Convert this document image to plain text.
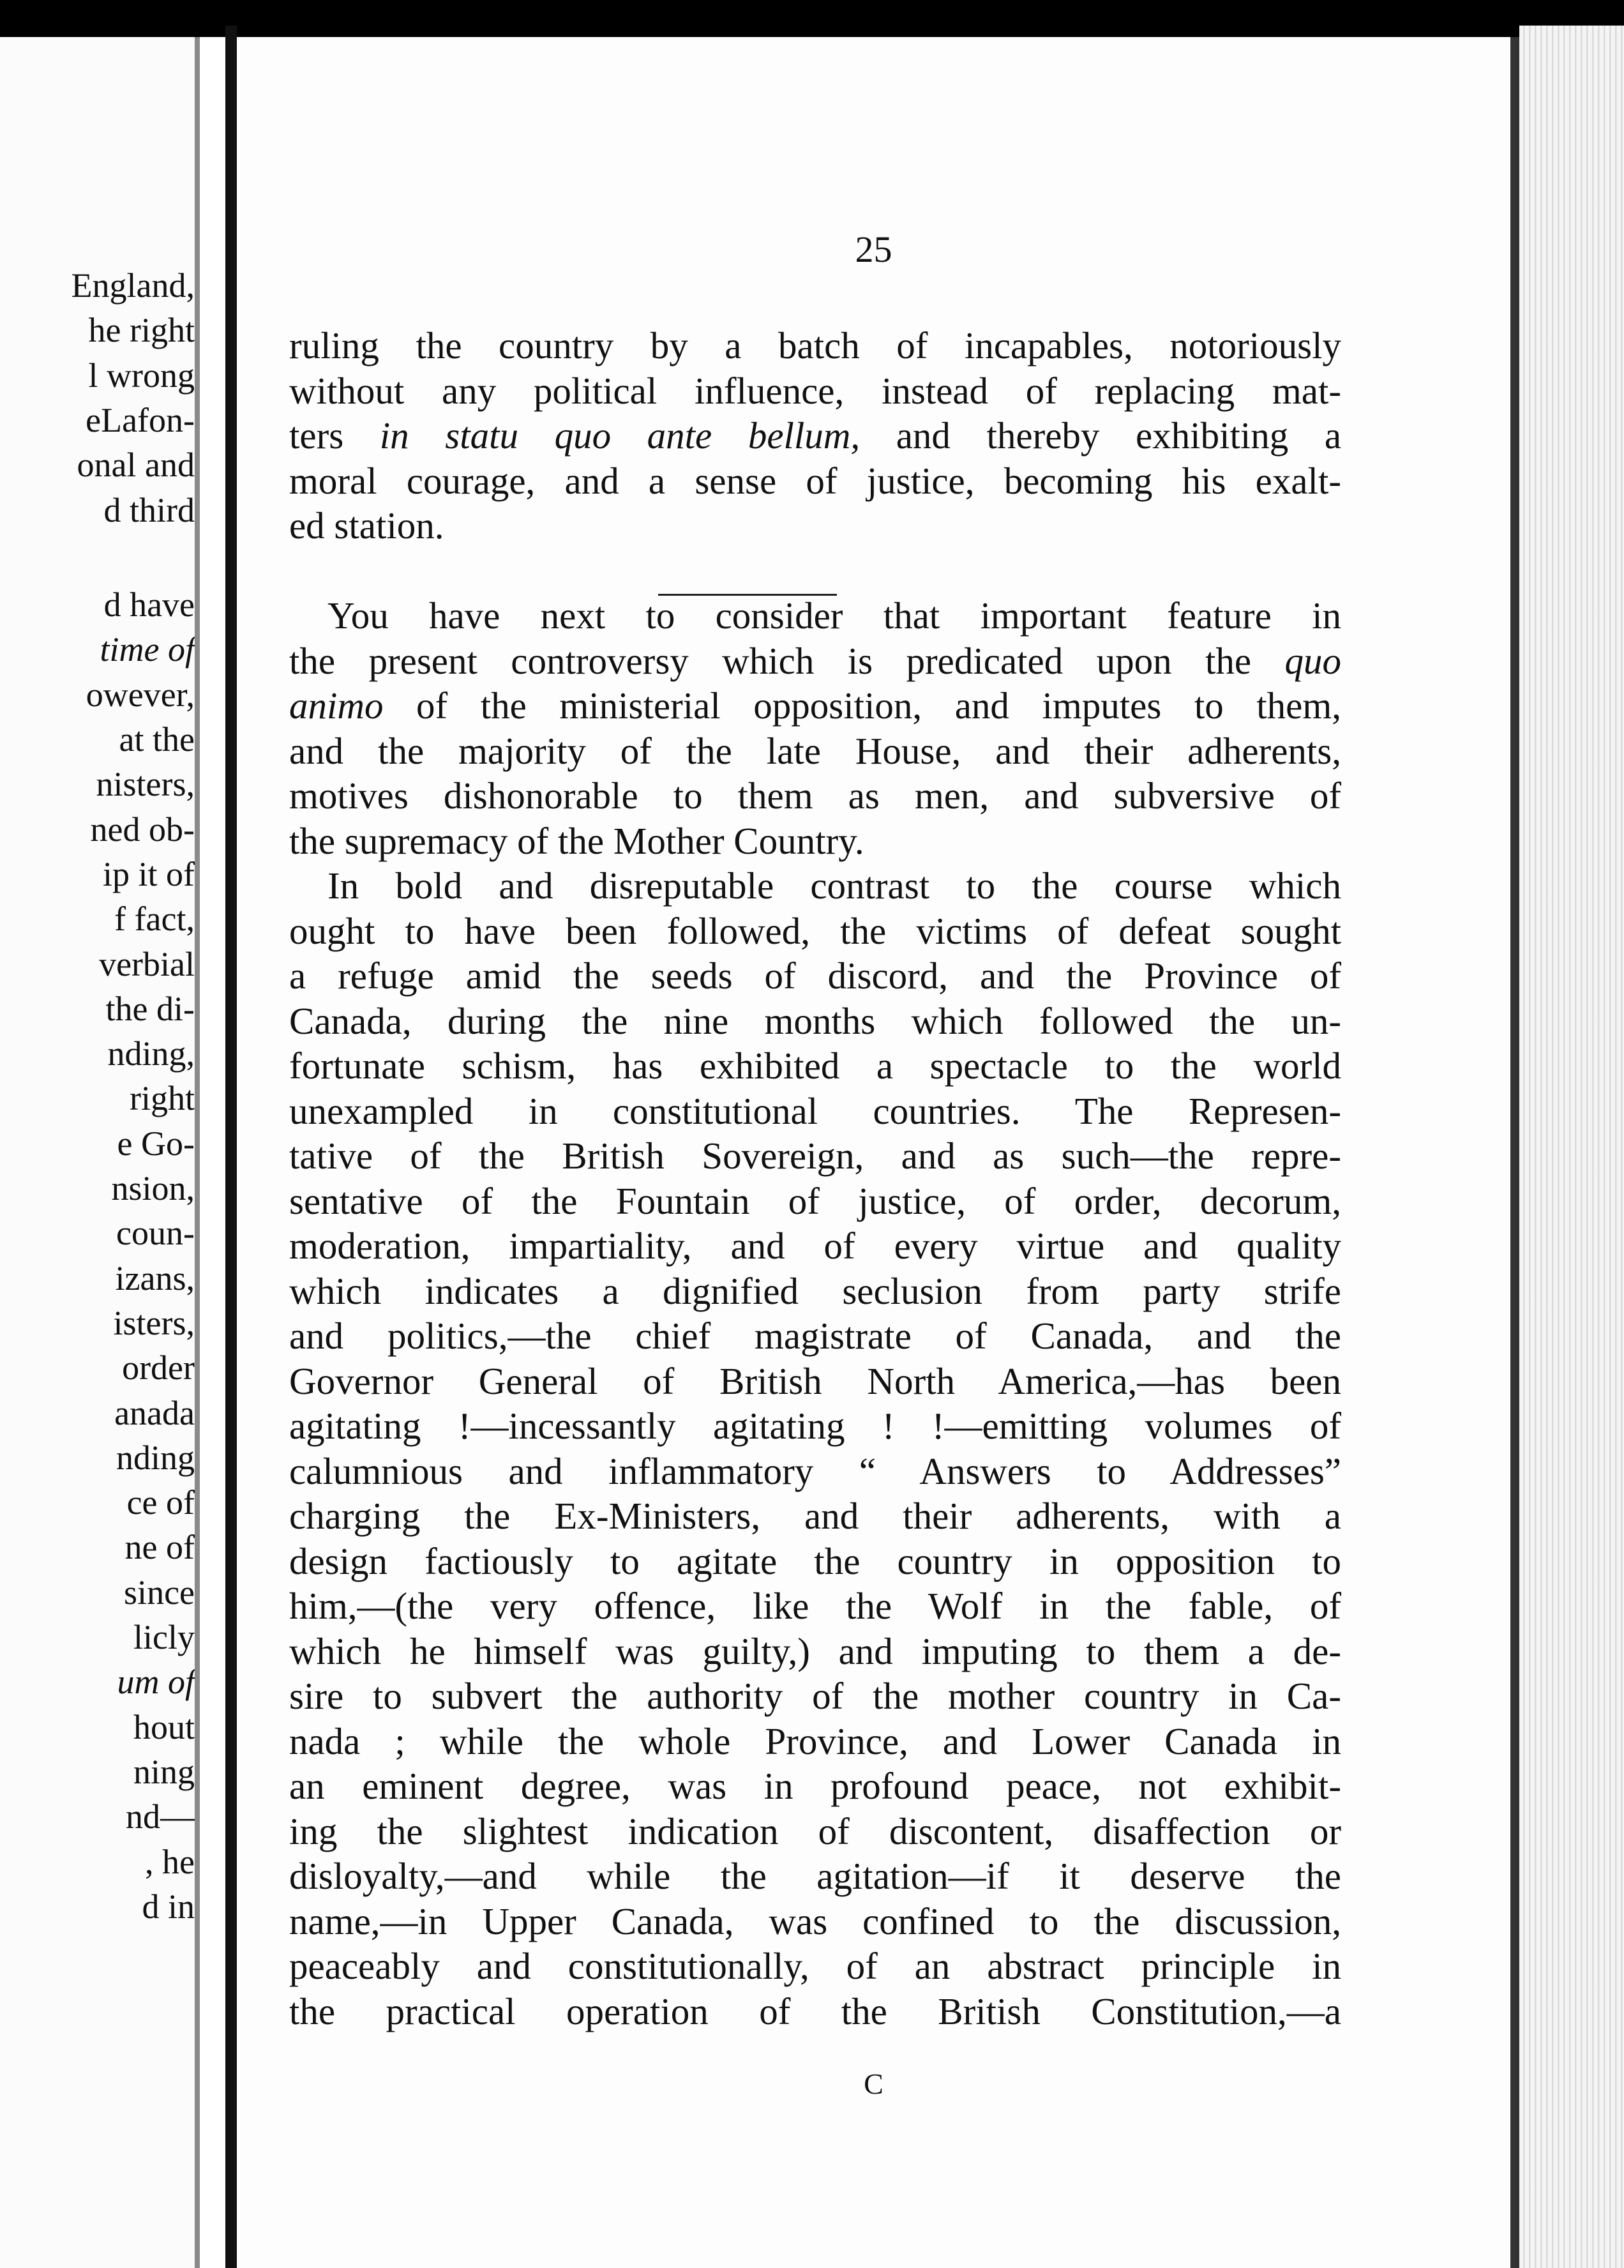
England,
he right
l wrong
eLafon-
onal and
d third
d have
time of
owever,
at the
nisters,
ned ob-
ip it of
f fact,
verbial
the di-
nding,
right
e Go-
nsion,
coun-
izans,
isters,
order
anada
nding
ce of
ne of
since
licly
um of
hout
ning
nd—
, he
d in
25
ruling the country by a batch of incapables, notoriously
without any political influence, instead of replacing mat-
ters in statu quo ante bellum, and thereby exhibiting a
moral courage, and a sense of justice, becoming his exalt-
ed station.
You have next to consider that important feature in
the present controversy which is predicated upon the quo
animo of the ministerial opposition, and imputes to them,
and the majority of the late House, and their adherents,
motives dishonorable to them as men, and subversive of
the supremacy of the Mother Country.
In bold and disreputable contrast to the course which
ought to have been followed, the victims of defeat sought
a refuge amid the seeds of discord, and the Province of
Canada, during the nine months which followed the un-
fortunate schism, has exhibited a spectacle to the world
unexampled in constitutional countries. The Represen-
tative of the British Sovereign, and as such—the repre-
sentative of the Fountain of justice, of order, decorum,
moderation, impartiality, and of every virtue and quality
which indicates a dignified seclusion from party strife
and politics,—the chief magistrate of Canada, and the
Governor General of British North America,—has been
agitating !—incessantly agitating ! !—emitting volumes of
calumnious and inflammatory “ Answers to Addresses”
charging the Ex-Ministers, and their adherents, with a
design factiously to agitate the country in opposition to
him,—(the very offence, like the Wolf in the fable, of
which he himself was guilty,) and imputing to them a de-
sire to subvert the authority of the mother country in Ca-
nada ; while the whole Province, and Lower Canada in
an eminent degree, was in profound peace, not exhibit-
ing the slightest indication of discontent, disaffection or
disloyalty,—and while the agitation—if it deserve the
name,—in Upper Canada, was confined to the discussion,
peaceably and constitutionally, of an abstract principle in
the practical operation of the British Constitution,—a
C
